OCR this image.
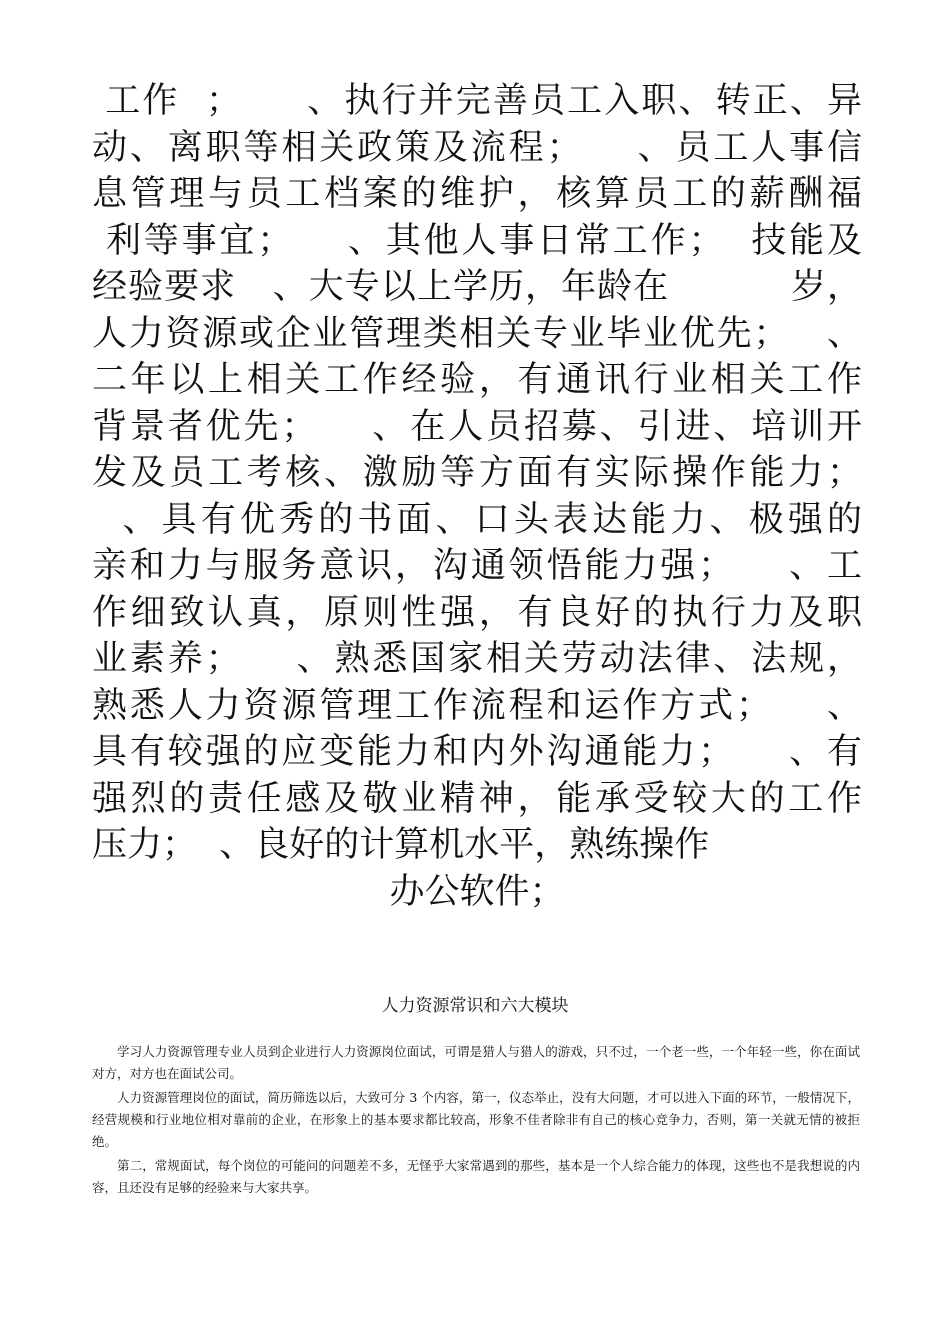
工作  ；     、执行并完善员工入职、转正、异
动、离职等相关政策及流程；    、员工人事信
息管理与员工档案的维护，核算员工的薪酬福
利等事宜；    、其他人事日常工作；  技能及
经验要求   、大专以上学历，年龄在          岁，
人力资源或企业管理类相关专业毕业优先；   、
二年以上相关工作经验，有通讯行业相关工作
背景者优先；    、在人员招募、引进、培训开
发及员工考核、激励等方面有实际操作能力；
、具有优秀的书面、口头表达能力、极强的
亲和力与服务意识，沟通领悟能力强；    、工
作细致认真，原则性强，有良好的执行力及职
业素养；    、熟悉国家相关劳动法律、法规，
熟悉人力资源管理工作流程和运作方式；    、
具有较强的应变能力和内外沟通能力；    、有
强烈的责任感及敬业精神，能承受较大的工作
压力；  、良好的计算机水平，熟练操作
办公软件；
人力资源常识和六大模块

学习人力资源管理专业人员到企业进行人力资源岗位面试，可谓是猎人与猎人的游戏，只不过，一个老一些，一个年轻一些，你在面试对方，对方也在面试公司。

人力资源管理岗位的面试，简历筛选以后，大致可分 3 个内容，第一，仪态举止，没有大问题，才可以进入下面的环节，一般情况下，经营规模和行业地位相对靠前的企业，在形象上的基本要求都比较高，形象不佳者除非有自己的核心竞争力，否则，第一关就无情的被拒绝。

第二，常规面试，每个岗位的可能问的问题差不多，无怪乎大家常遇到的那些，基本是一个人综合能力的体现，这些也不是我想说的内容，且还没有足够的经验来与大家共享。
